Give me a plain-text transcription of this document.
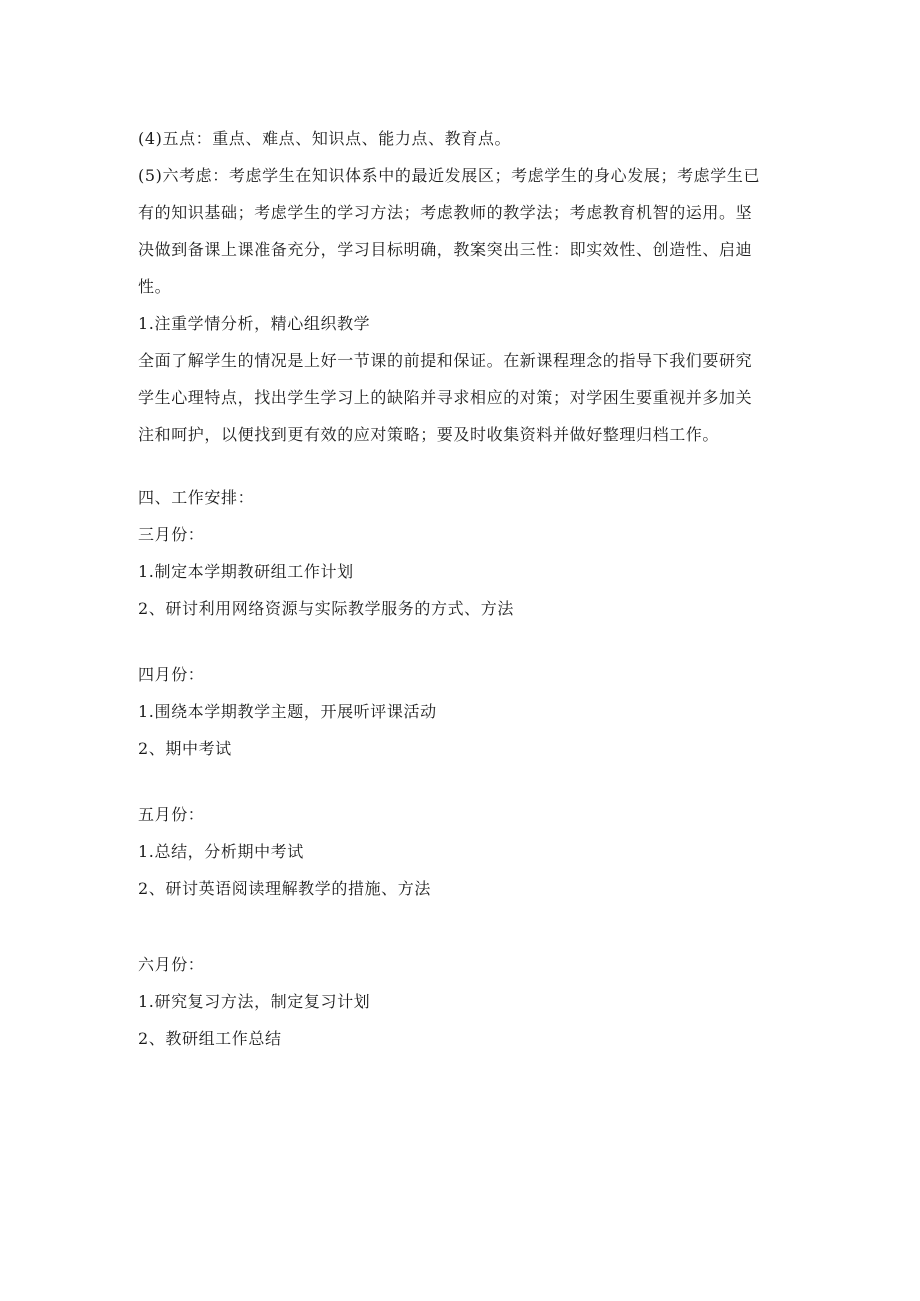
(4)五点：重点、难点、知识点、能力点、教育点。
(5)六考虑：考虑学生在知识体系中的最近发展区；考虑学生的身心发展；考虑学生已
有的知识基础；考虑学生的学习方法；考虑教师的教学法；考虑教育机智的运用。坚
决做到备课上课准备充分，学习目标明确，教案突出三性：即实效性、创造性、启迪
性。
1.注重学情分析，精心组织教学
全面了解学生的情况是上好一节课的前提和保证。在新课程理念的指导下我们要研究
学生心理特点，找出学生学习上的缺陷并寻求相应的对策；对学困生要重视并多加关
注和呵护，以便找到更有效的应对策略；要及时收集资料并做好整理归档工作。
四、工作安排：
三月份：
1.制定本学期教研组工作计划
2、研讨利用网络资源与实际教学服务的方式、方法
四月份：
1.围绕本学期教学主题，开展听评课活动
2、期中考试
五月份：
1.总结，分析期中考试
2、研讨英语阅读理解教学的措施、方法
六月份：
1.研究复习方法，制定复习计划
2、教研组工作总结
